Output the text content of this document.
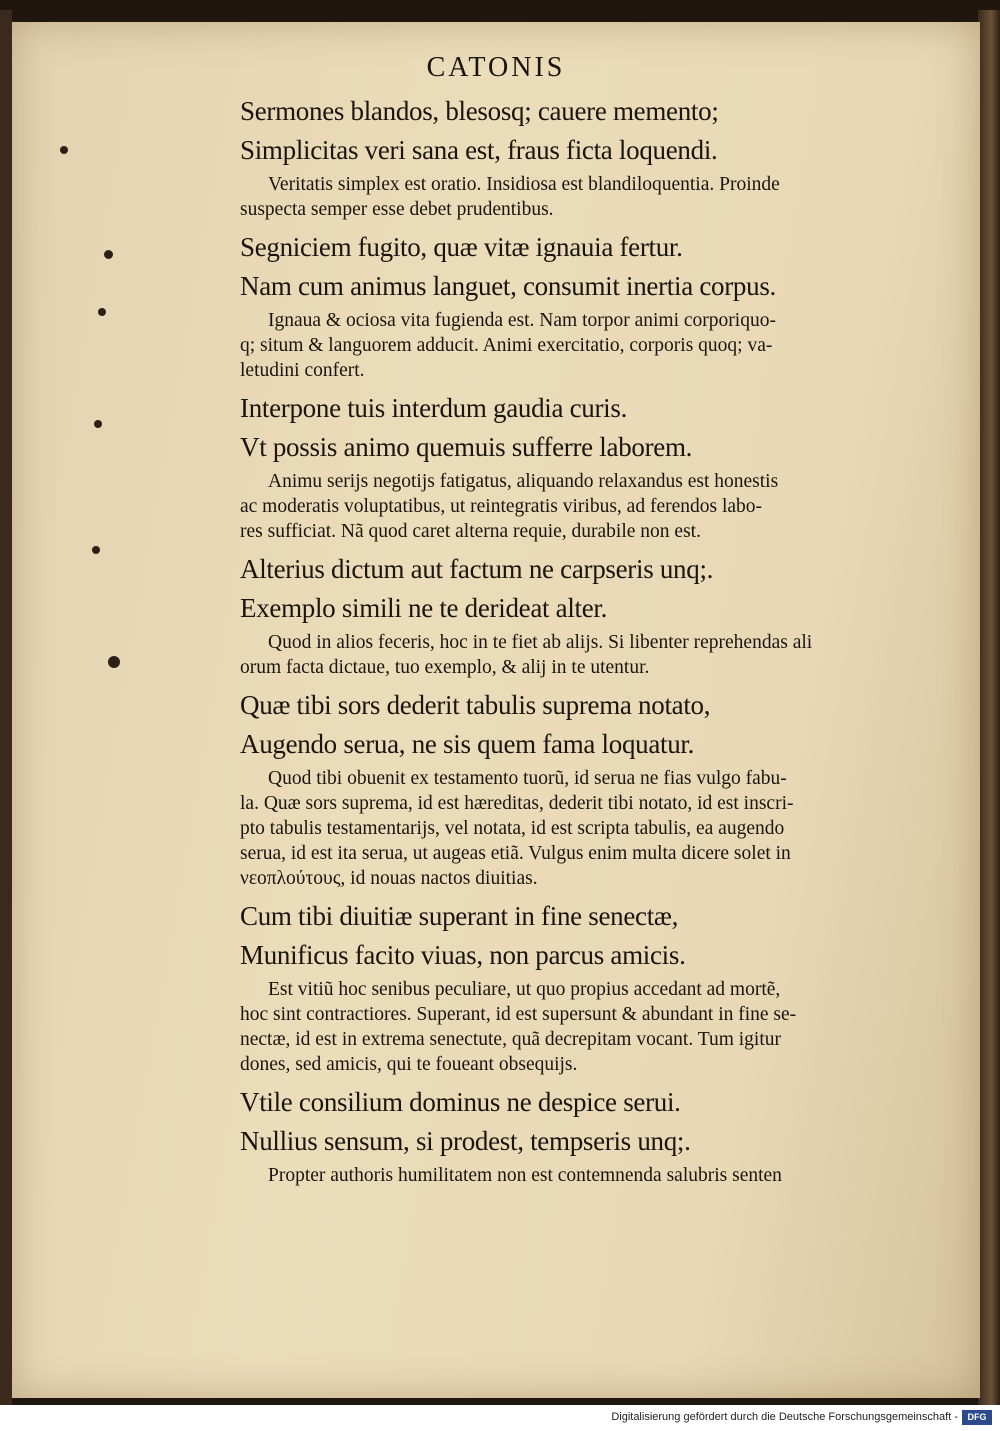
CATONIS
Sermones blandos, blesosq; cauere memento;
Simplicitas veri sana est, fraus ficta loquendi.
Veritatis simplex est oratio. Insidiosa est blandiloquentia. Proinde
suspecta semper esse debet prudentibus.
Segniciem fugito, quæ vitæ ignauia fertur.
Nam cum animus languet, consumit inertia corpus.
Ignaua & ociosa vita fugienda est. Nam torpor animi corporiquo-
q; situm & languorem adducit. Animi exercitatio, corporis quoq; va-
letudini confert.
Interpone tuis interdum gaudia curis.
Vt possis animo quemuis sufferre laborem.
Animu serijs negotijs fatigatus, aliquando relaxandus est honestis
ac moderatis voluptatibus, ut reintegratis viribus, ad ferendos labo-
res sufficiat. Nã quod caret alterna requie, durabile non est.
Alterius dictum aut factum ne carpseris unq;.
Exemplo simili ne te derideat alter.
Quod in alios feceris, hoc in te fiet ab alijs. Si libenter reprehendas ali
orum facta dictaue, tuo exemplo, & alij in te utentur.
Quæ tibi sors dederit tabulis suprema notato,
Augendo serua, ne sis quem fama loquatur.
Quod tibi obuenit ex testamento tuorũ, id serua ne fias vulgo fabu-
la. Quæ sors suprema, id est hæreditas, dederit tibi notato, id est inscri-
pto tabulis testamentarijs, vel notata, id est scripta tabulis, ea augendo
serua, id est ita serua, ut augeas etiã. Vulgus enim multa dicere solet in
νεοπλούτους, id nouas nactos diuitias.
Cum tibi diuitiæ superant in fine senectæ,
Munificus facito viuas, non parcus amicis.
Est vitiũ hoc senibus peculiare, ut quo propius accedant ad mortẽ,
hoc sint contractiores. Superant, id est supersunt & abundant in fine se-
nectæ, id est in extrema senectute, quã decrepitam vocant. Tum igitur
dones, sed amicis, qui te foueant obsequijs.
Vtile consilium dominus ne despice serui.
Nullius sensum, si prodest, tempseris unq;.
Propter authoris humilitatem non est contemnenda salubris senten
Digitalisierung gefördert durch die Deutsche Forschungsgemeinschaft -	DFG
